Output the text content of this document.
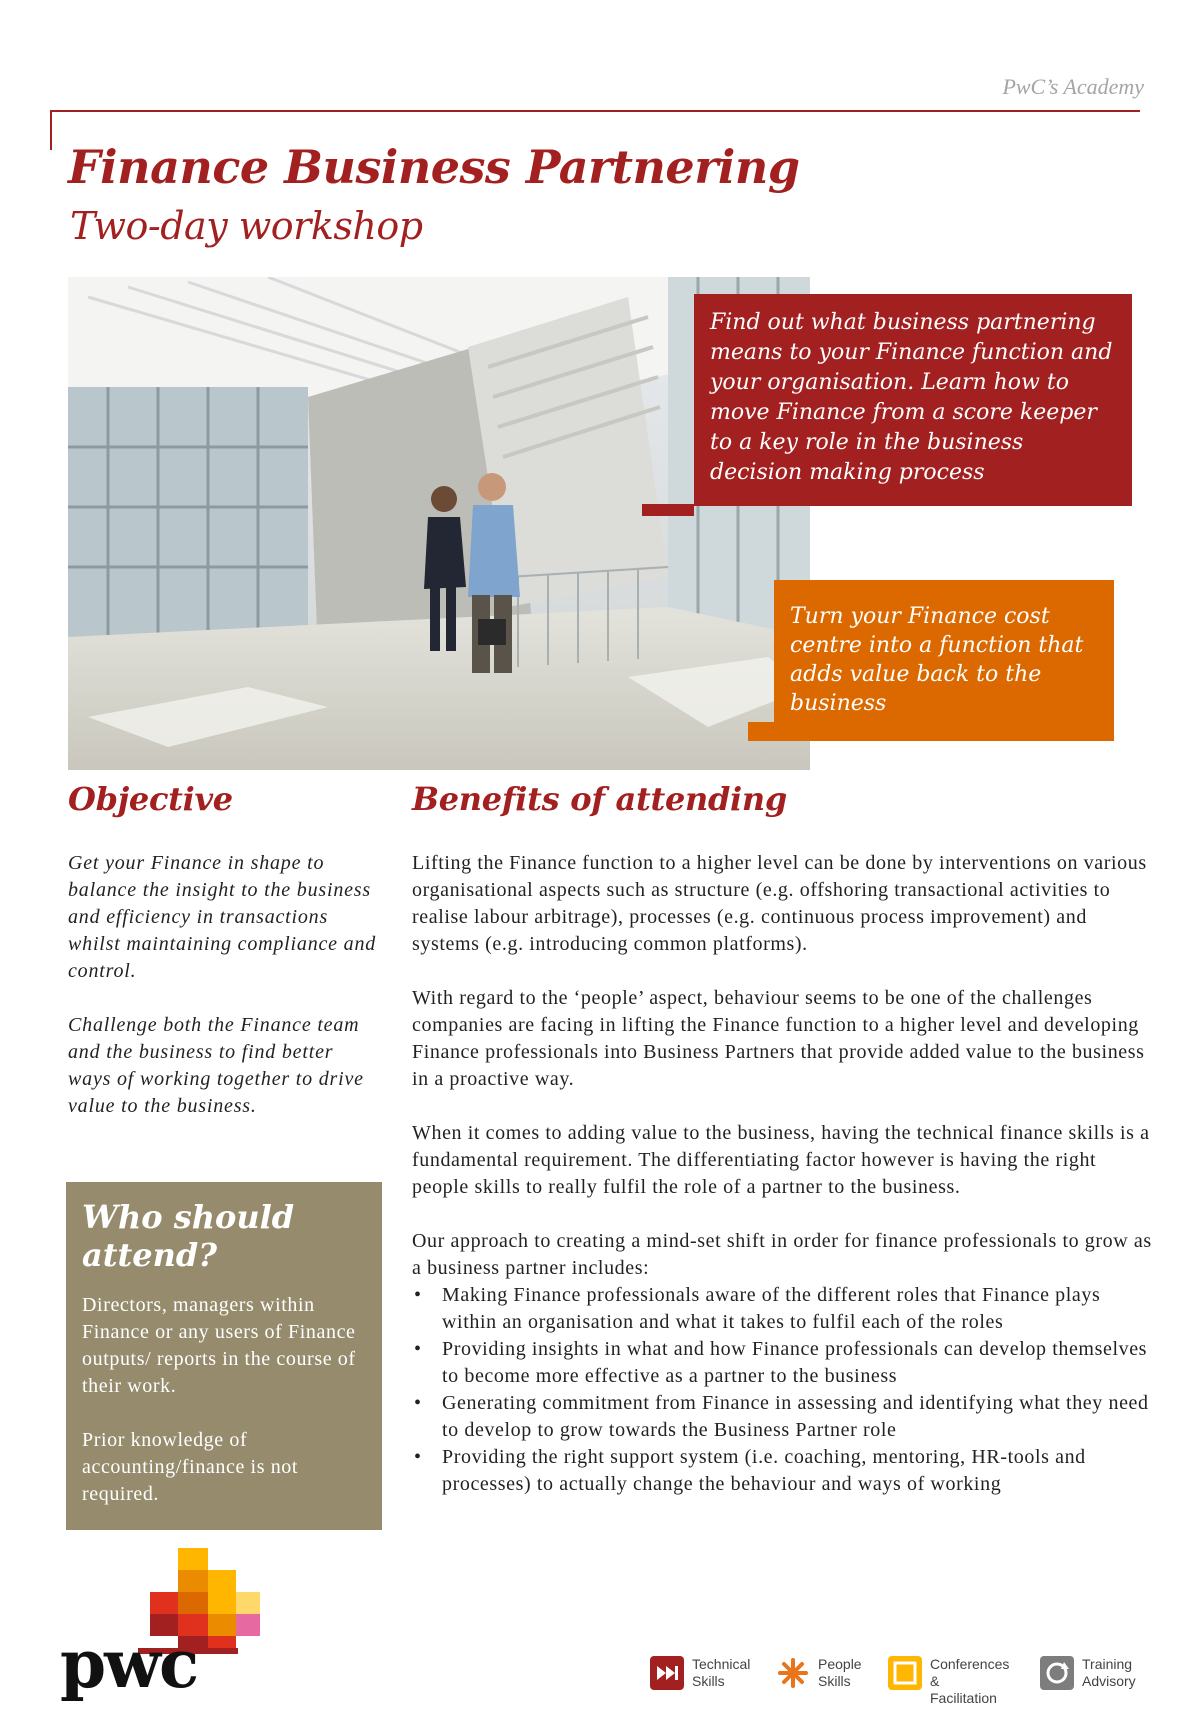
PwC’s Academy
Finance Business Partnering
Two-day workshop
Find out what business partnering means to your Finance function and your organisation. Learn how to move Finance from a score keeper to a key role in the business decision making process
Turn your Finance cost centre into a function that adds value back to the business
Objective	Benefits of attending

Get your Finance in shape to balance the insight to the business and efficiency in transactions whilst maintaining compliance and control.

Challenge both the Finance team and the business to find better ways of working together to drive value to the business.

Who should attend?

Directors, managers within Finance or any users of Finance outputs/ reports in the course of their work.

Prior knowledge of accounting/finance is not required.

Lifting the Finance function to a higher level can be done by interventions on various organisational aspects such as structure (e.g. offshoring transactional activities to realise labour arbitrage), processes (e.g. continuous process improvement) and systems (e.g. introducing common platforms).

With regard to the ‘people’ aspect, behaviour seems to be one of the challenges companies are facing in lifting the Finance function to a higher level and developing Finance professionals into Business Partners that provide added value to the business in a proactive way.

When it comes to adding value to the business, having the technical finance skills is a fundamental requirement. The differentiating factor however is having the right people skills to really fulfil the role of a partner to the business.

Our approach to creating a mind-set shift in order for finance professionals to grow as a business partner includes:

• Making Finance professionals aware of the different roles that Finance plays within an organisation and what it takes to fulfil each of the roles
• Providing insights in what and how Finance professionals can develop themselves to become more effective as a partner to the business
• Generating commitment from Finance in assessing and identifying what they need to develop to grow towards the Business Partner role
• Providing the right support system (i.e. coaching, mentoring, HR-tools and processes) to actually change the behaviour and ways of working
pwc	Technical
Skills
People
Skills
Conferences
& Facilitation
Training
Advisory
